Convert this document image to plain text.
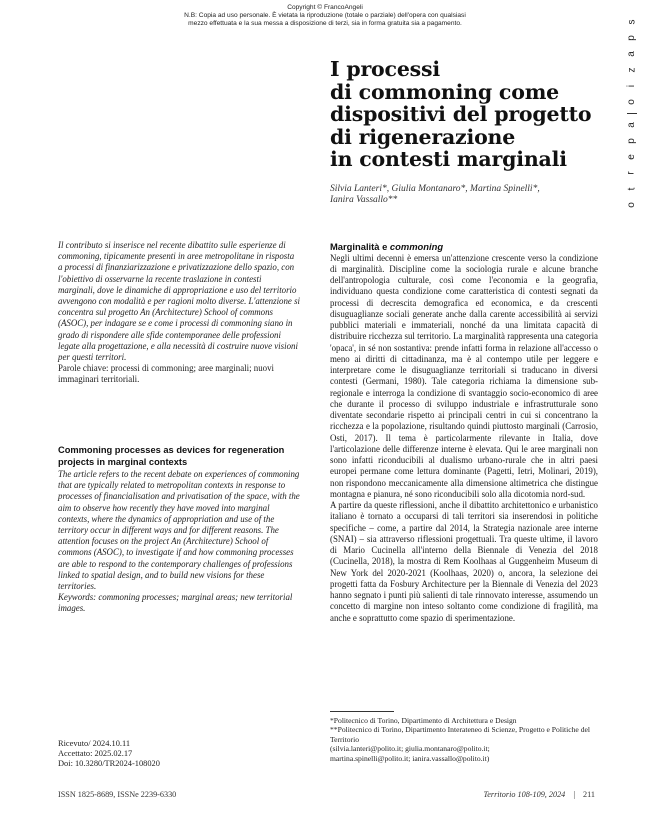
Copyright © FrancoAngeli
N.B: Copia ad uso personale. È vietata la riproduzione (totale o parziale) dell'opera con qualsiasi
mezzo effettuata e la sua messa a disposizione di terzi, sia in forma gratuita sia a pagamento.	s
p
a
z
i
o
a
p
e
r
t
o
I processi
di commoning come
dispositivi del progetto
di rigenerazione
in contesti marginali
Silvia Lanteri*, Giulia Montanaro*, Martina Spinelli*,
Ianira Vassallo**
Il contributo si inserisce nel recente dibattito sulle esperienze di commoning, tipicamente presenti in aree metropolitane in risposta a processi di finanziarizzazione e privatizzazione dello spazio, con l'obiettivo di osservarne la recente traslazione in contesti marginali, dove le dinamiche di appropriazione e uso del territorio avvengono con modalità e per ragioni molto diverse. L'attenzione si concentra sul progetto An (Architecture) School of commons (ASOC), per indagare se e come i processi di commoning siano in grado di rispondere alle sfide contemporanee delle professioni legate alla progettazione, e alla necessità di costruire nuove visioni per questi territori.
Parole chiave: processi di commoning; aree marginali; nuovi immaginari territoriali.
Commoning processes as devices for regeneration projects in marginal contexts
The article refers to the recent debate on experiences of commoning that are typically related to metropolitan contexts in response to processes of financialisation and privatisation of the space, with the aim to observe how recently they have moved into marginal contexts, where the dynamics of appropriation and use of the territory occur in different ways and for different reasons. The attention focuses on the project An (Architecture) School of commons (ASOC), to investigate if and how commoning processes are able to respond to the contemporary challenges of professions linked to spatial design, and to build new visions for these territories.
Keywords: commoning processes; marginal areas; new territorial images.
Ricevuto/ 2024.10.11
Accettato: 2025.02.17
Doi: 10.3280/TR2024-108020
Marginalità e commoning

Negli ultimi decenni è emersa un'attenzione crescente verso la condizione di marginalità. Discipline come la sociologia rurale e alcune branche dell'antropologia culturale, così come l'economia e la geografia, individuano questa condizione come caratteristica di contesti segnati da processi di decrescita demografica ed economica, e da crescenti disuguaglianze sociali generate anche dalla carente accessibilità ai servizi pubblici materiali e immateriali, nonché da una limitata capacità di distribuire ricchezza sul territorio. La marginalità rappresenta una categoria 'opaca', in sé non sostantiva: prende infatti forma in relazione all'accesso o meno ai diritti di cittadinanza, ma è al contempo utile per leggere e interpretare come le disuguaglianze territoriali si traducano in diversi contesti (Germani, 1980). Tale categoria richiama la dimensione sub-regionale e interroga la condizione di svantaggio socio-economico di aree che durante il processo di sviluppo industriale e infrastrutturale sono diventate secondarie rispetto ai principali centri in cui si concentrano la ricchezza e la popolazione, risultando quindi piuttosto marginali (Carrosio, Osti, 2017). Il tema è particolarmente rilevante in Italia, dove l'articolazione delle differenze interne è elevata. Qui le aree marginali non sono infatti riconducibili al dualismo urbano-rurale che in altri paesi europei permane come lettura dominante (Pagetti, Ietri, Molinari, 2019), non rispondono meccanicamente alla dimensione altimetrica che distingue montagna e pianura, né sono riconducibili solo alla dicotomia nord-sud.

A partire da queste riflessioni, anche il dibattito architettonico e urbanistico italiano è tornato a occuparsi di tali territori sia inserendosi in politiche specifiche – come, a partire dal 2014, la Strategia nazionale aree interne (SNAI) – sia attraverso riflessioni progettuali. Tra queste ultime, il lavoro di Mario Cucinella all'interno della Biennale di Venezia del 2018 (Cucinella, 2018), la mostra di Rem Koolhaas al Guggenheim Museum di New York del 2020-2021 (Koolhaas, 2020) o, ancora, la selezione dei progetti fatta da Fosbury Architecture per la Biennale di Venezia del 2023 hanno segnato i punti più salienti di tale rinnovato interesse, assumendo un concetto di margine non inteso soltanto come condizione di fragilità, ma anche e soprattutto come spazio di sperimentazione.

*Politecnico di Torino, Dipartimento di Architettura e Design
**Politecnico di Torino, Dipartimento Interateneo di Scienze, Progetto e Politiche del Territorio
(silvia.lanteri@polito.it; giulia.montanaro@polito.it;
martina.spinelli@polito.it; ianira.vassallo@polito.it)
ISSN 1825-8689, ISSNe 2239-6330	Territorio 108-109, 2024 | 211
